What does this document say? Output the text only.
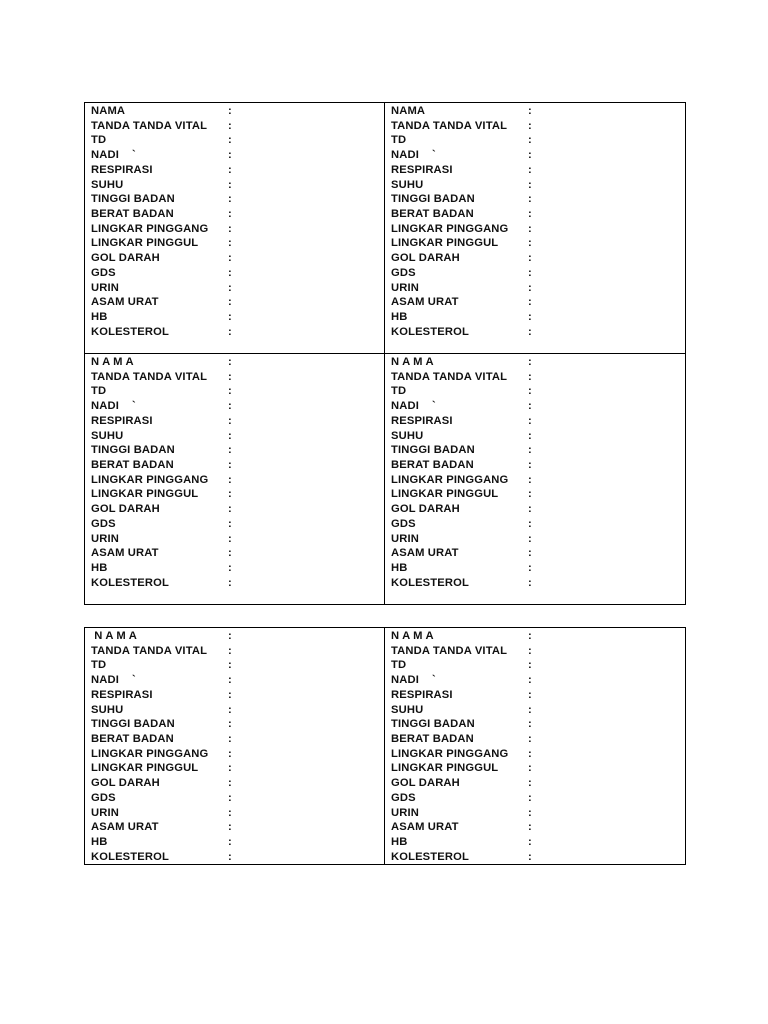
NAMA	:
TANDA TANDA VITAL	:
TD	:
NADI    `	:
RESPIRASI	:
SUHU	:
TINGGI BADAN	:
BERAT BADAN	:
LINGKAR PINGGANG	:
LINGKAR PINGGUL	:
GOL DARAH	:
GDS	:
URIN	:
ASAM URAT	:
HB	:
KOLESTEROL	:
NAMA	:
TANDA TANDA VITAL	:
TD	:
NADI    `	:
RESPIRASI	:
SUHU	:
TINGGI BADAN	:
BERAT BADAN	:
LINGKAR PINGGANG	:
LINGKAR PINGGUL	:
GOL DARAH	:
GDS	:
URIN	:
ASAM URAT	:
HB	:
KOLESTEROL	:
N A M A	:
TANDA TANDA VITAL	:
TD	:
NADI    `	:
RESPIRASI	:
SUHU	:
TINGGI BADAN	:
BERAT BADAN	:
LINGKAR PINGGANG	:
LINGKAR PINGGUL	:
GOL DARAH	:
GDS	:
URIN	:
ASAM URAT	:
HB	:
KOLESTEROL	:
N A M A	:
TANDA TANDA VITAL	:
TD	:
NADI    `	:
RESPIRASI	:
SUHU	:
TINGGI BADAN	:
BERAT BADAN	:
LINGKAR PINGGANG	:
LINGKAR PINGGUL	:
GOL DARAH	:
GDS	:
URIN	:
ASAM URAT	:
HB	:
KOLESTEROL	:
N A M A	:
TANDA TANDA VITAL	:
TD	:
NADI    `	:
RESPIRASI	:
SUHU	:
TINGGI BADAN	:
BERAT BADAN	:
LINGKAR PINGGANG	:
LINGKAR PINGGUL	:
GOL DARAH	:
GDS	:
URIN	:
ASAM URAT	:
HB	:
KOLESTEROL	:
N A M A	:
TANDA TANDA VITAL	:
TD	:
NADI    `	:
RESPIRASI	:
SUHU	:
TINGGI BADAN	:
BERAT BADAN	:
LINGKAR PINGGANG	:
LINGKAR PINGGUL	:
GOL DARAH	:
GDS	:
URIN	:
ASAM URAT	:
HB	:
KOLESTEROL	:
